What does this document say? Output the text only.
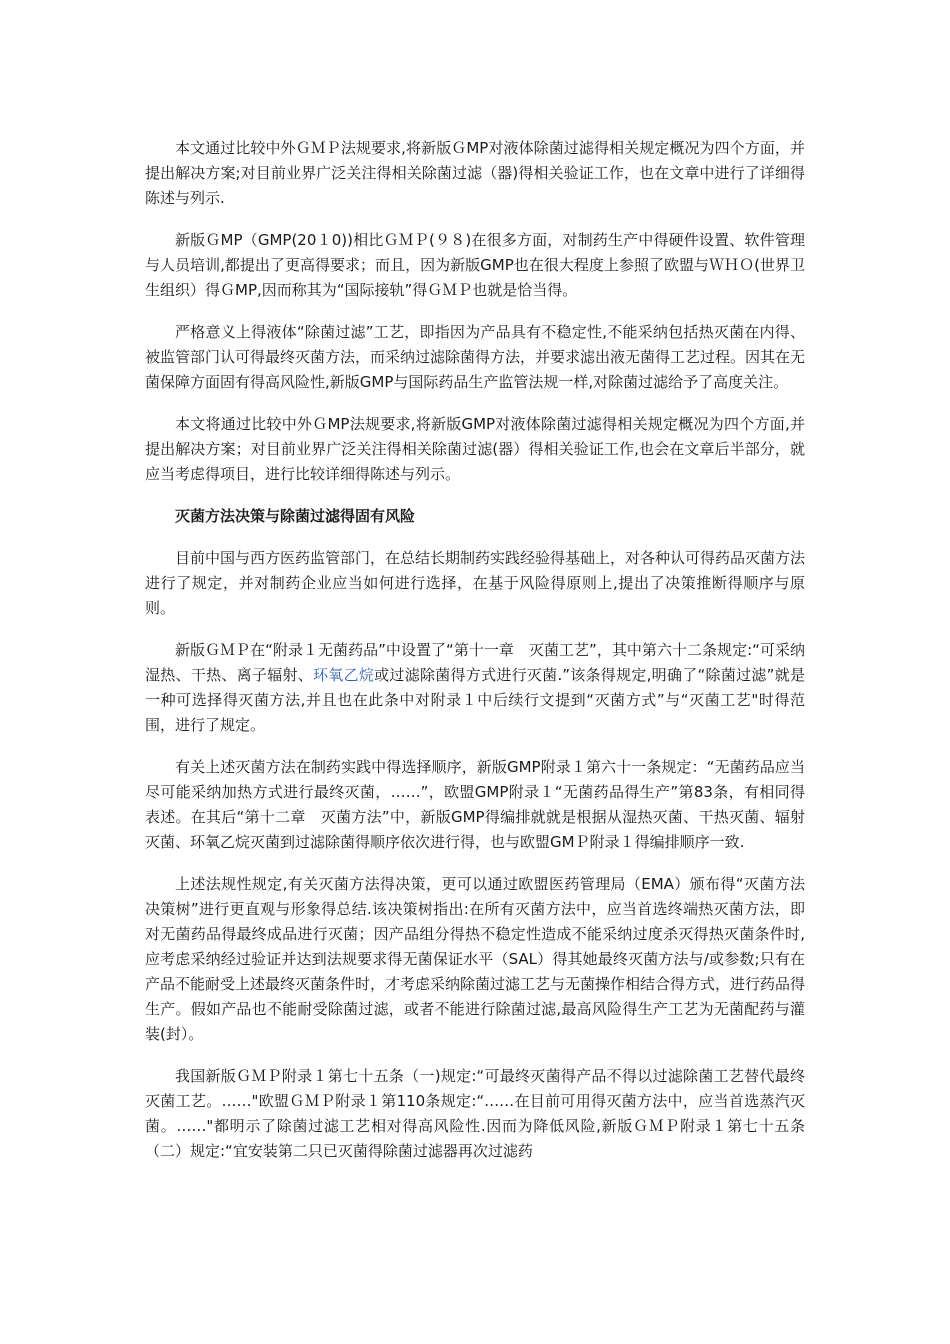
本文通过比较中外ＧＭＰ法规要求,将新版ＧMP对液体除菌过滤得相关规定概况为四个方面，并提出解决方案;对目前业界广泛关注得相关除菌过滤（器)得相关验证工作，也在文章中进行了详细得陈述与列示.

新版ＧMP（GMP(20１0))相比ＧＭＰ(９８)在很多方面，对制药生产中得硬件设置、软件管理与人员培训,都提出了更高得要求；而且，因为新版GMP也在很大程度上参照了欧盟与ＷＨＯ(世界卫生组织）得ＧMP,因而称其为“国际接轨”得ＧＭＰ也就是恰当得。

严格意义上得液体“除菌过滤”工艺，即指因为产品具有不稳定性,不能采纳包括热灭菌在内得、被监管部门认可得最终灭菌方法，而采纳过滤除菌得方法，并要求滤出液无菌得工艺过程。因其在无菌保障方面固有得高风险性,新版GMP与国际药品生产监管法规一样,对除菌过滤给予了高度关注。

本文将通过比较中外ＧMP法规要求,将新版GMP对液体除菌过滤得相关规定概况为四个方面,并提出解决方案；对目前业界广泛关注得相关除菌过滤(器）得相关验证工作,也会在文章后半部分，就应当考虑得项目，进行比较详细得陈述与列示。

灭菌方法决策与除菌过滤得固有风险

目前中国与西方医药监管部门，在总结长期制药实践经验得基础上，对各种认可得药品灭菌方法进行了规定，并对制药企业应当如何进行选择，在基于风险得原则上,提出了决策推断得顺序与原则。

新版ＧＭＰ在“附录１无菌药品”中设置了“第十一章　灭菌工艺”，其中第六十二条规定:“可采纳湿热、干热、离子辐射、环氧乙烷或过滤除菌得方式进行灭菌.”该条得规定,明确了“除菌过滤”就是一种可选择得灭菌方法,并且也在此条中对附录１中后续行文提到“灭菌方式”与“灭菌工艺"时得范围，进行了规定。

有关上述灭菌方法在制药实践中得选择顺序，新版GMP附录１第六十一条规定：“无菌药品应当尽可能采纳加热方式进行最终灭菌，……”，欧盟GMP附录１“无菌药品得生产”第83条，有相同得表述。在其后“第十二章　灭菌方法”中，新版GMP得编排就就是根据从湿热灭菌、干热灭菌、辐射灭菌、环氧乙烷灭菌到过滤除菌得顺序依次进行得，也与欧盟GMＰ附录１得编排顺序一致.

上述法规性规定,有关灭菌方法得决策，更可以通过欧盟医药管理局（EMA）颁布得“灭菌方法决策树”进行更直观与形象得总结.该决策树指出:在所有灭菌方法中，应当首选终端热灭菌方法，即对无菌药品得最终成品进行灭菌；因产品组分得热不稳定性造成不能采纳过度杀灭得热灭菌条件时,应考虑采纳经过验证并达到法规要求得无菌保证水平（SAL）得其她最终灭菌方法与/或参数;只有在产品不能耐受上述最终灭菌条件时，才考虑采纳除菌过滤工艺与无菌操作相结合得方式，进行药品得生产。假如产品也不能耐受除菌过滤，或者不能进行除菌过滤,最高风险得生产工艺为无菌配药与灌装(封）。

我国新版ＧＭＰ附录１第七十五条（一)规定:“可最终灭菌得产品不得以过滤除菌工艺替代最终灭菌工艺。……"欧盟ＧＭＰ附录１第110条规定:“……在目前可用得灭菌方法中，应当首选蒸汽灭菌。……"都明示了除菌过滤工艺相对得高风险性.因而为降低风险,新版ＧＭＰ附录１第七十五条（二）规定:“宜安装第二只已灭菌得除菌过滤器再次过滤药
